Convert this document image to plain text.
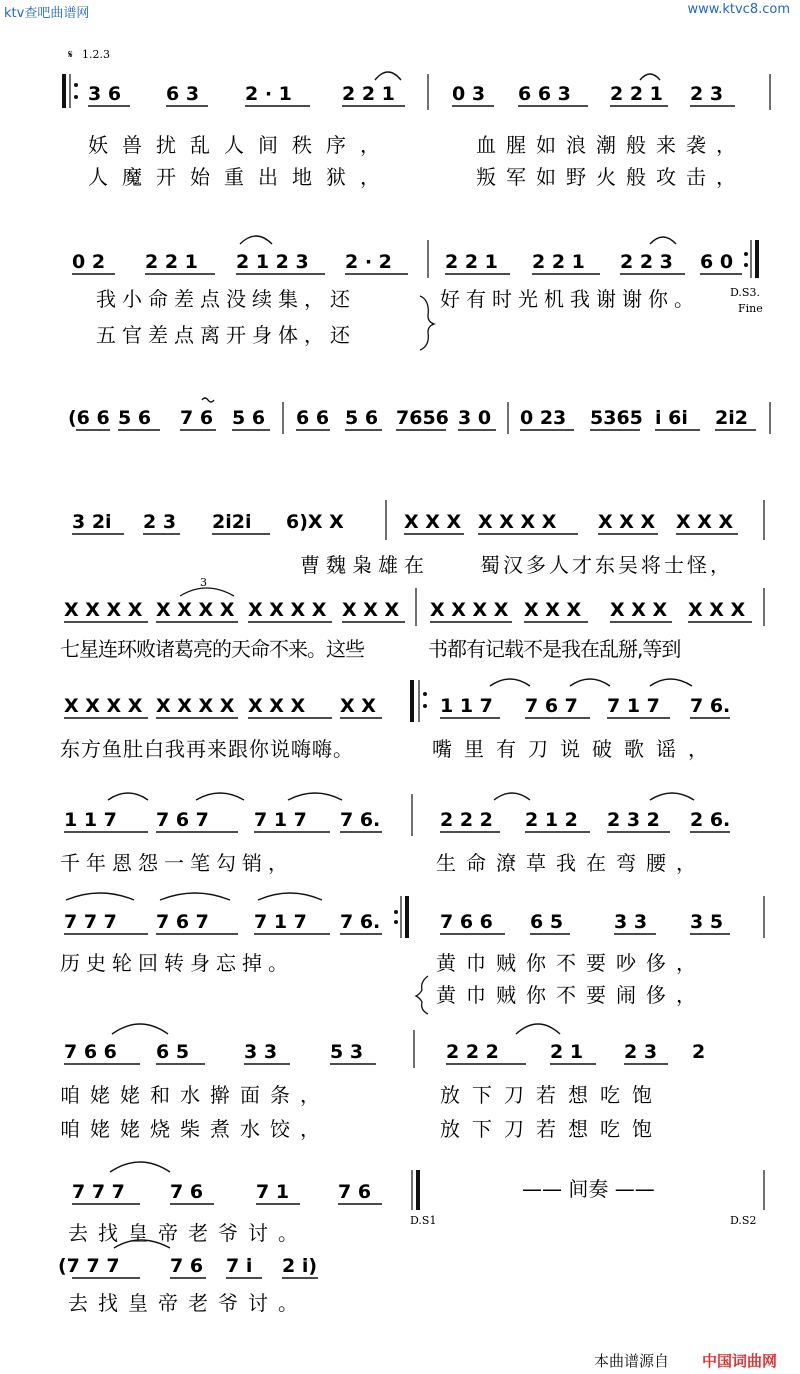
ktv查吧曲谱网	www.ktvc8.com
𝄋 1.2.3
3 6 6 3 2 · 1	2 2 1	0 3 6 6 3 2 2 1 2 3
妖兽扰乱人间秩序，	血腥如浪潮般来袭，
人魔开始重出地狱，	叛军如野火般攻击，
0 2 2 2 1 2 1 2 3 2 · 2	2 2 1 2 2 1 2 2 3 6 0
D.S3.
Fine
我小命差点没续集，还	好有时光机我谢谢你。
五官差点离开身体，还
(6 6 5 6 7 6 5 6 6 6 5 6 7656 3 0 0 23 5365 i 6i 2i2
3 2i 2 3 2i2i 6)X X	X X X X X X X X X X X X X
曹魏枭雄在	蜀汉多人才东吴将士怪，
3
X X X X X X X X X X X X X X X X X X X X X X X X X X X X
七星连环败诸葛亮的天命不来。这些	书都有记载不是我在乱掰,等到
X X X X X X X X X X X X X	1 1 7 7 6 7 7 1 7 7 6.
东方鱼肚白我再来跟你说嗨嗨。	嘴里有刀说破歌谣，
1 1 7 7 6 7 7 1 7 7 6.	2 2 2 2 1 2 2 3 2 2 6.
千年恩怨一笔勾销，	生命潦草我在弯腰，
7 7 7 7 6 7 7 1 7 7 6.	7 6 6 6 5	3 3 3 5
历史轮回转身忘掉。	黄巾贼你不要吵侈，
黄巾贼你不要闹侈，
7 6 6 6 5	3 3	5 3	2 2 2	2 1 2 3 2
咱姥姥和水擀面条，	放下刀若想吃饱
咱姥姥烧柴煮水饺，	放下刀若想吃饱
7 7 7 7 6	7 1	7 6
D.S1
—— 间奏 ——
D.S2
去找皇帝老爷讨。
(7 7 7	7 6 7 i 2 i)
去找皇帝老爷讨。
本曲谱源自 中国词曲网
